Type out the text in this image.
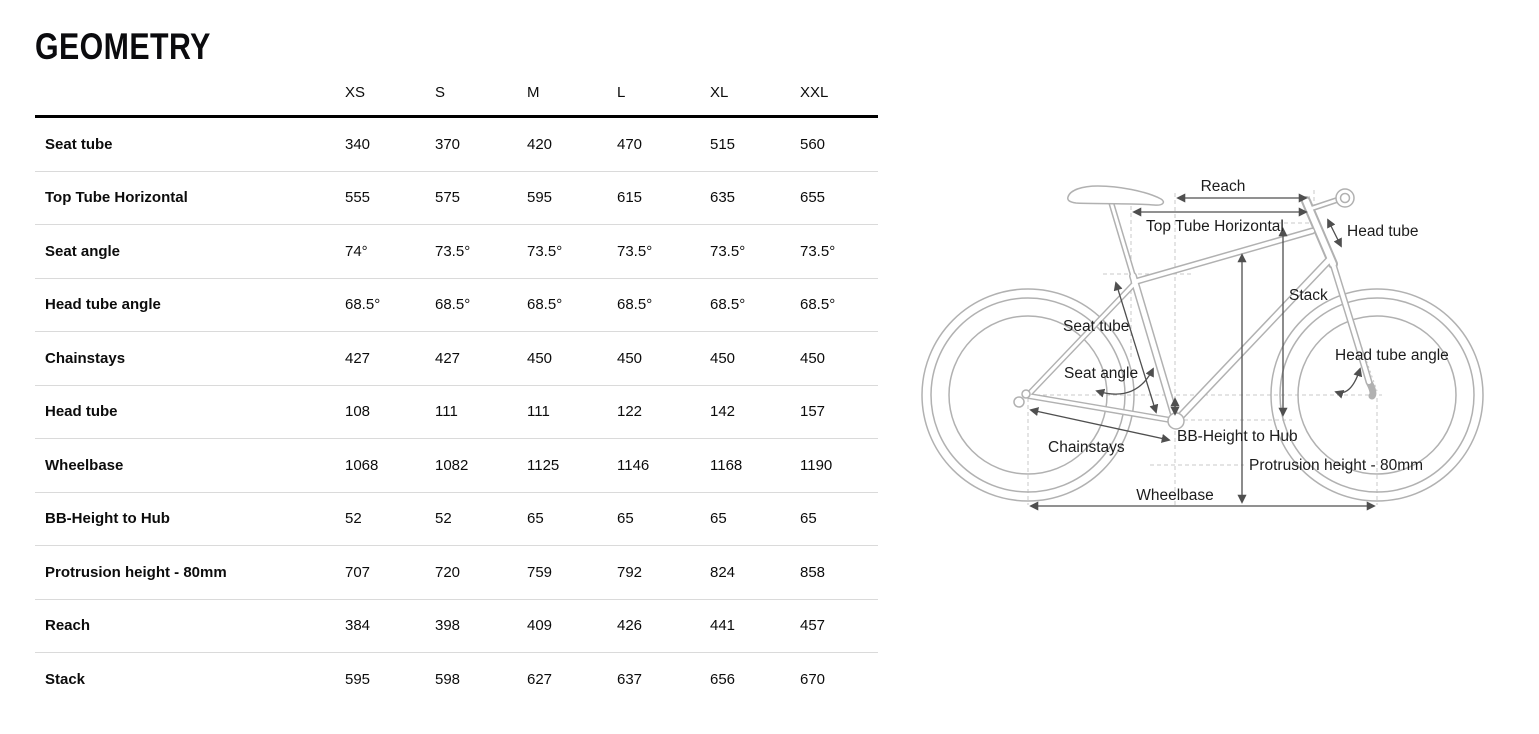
GEOMETRY
	XS	S	M	L	XL	XXL
Seat tube	340	370	420	470	515	560
Top Tube Horizontal	555	575	595	615	635	655
Seat angle	74°	73.5°	73.5°	73.5°	73.5°	73.5°
Head tube angle	68.5°	68.5°	68.5°	68.5°	68.5°	68.5°
Chainstays	427	427	450	450	450	450
Head tube	108	111	111	122	142	157
Wheelbase	1068	1082	1125	1146	1168	1190
BB-Height to Hub	52	52	65	65	65	65
Protrusion height - 80mm	707	720	759	792	824	858
Reach	384	398	409	426	441	457
Stack	595	598	627	637	656	670
Reach
Top Tube Horizontal	Head tube
Stack
Seat tube
Seat angle
Head tube angle
Chainstays
BB-Height to Hub
Protrusion height - 80mm
Wheelbase
